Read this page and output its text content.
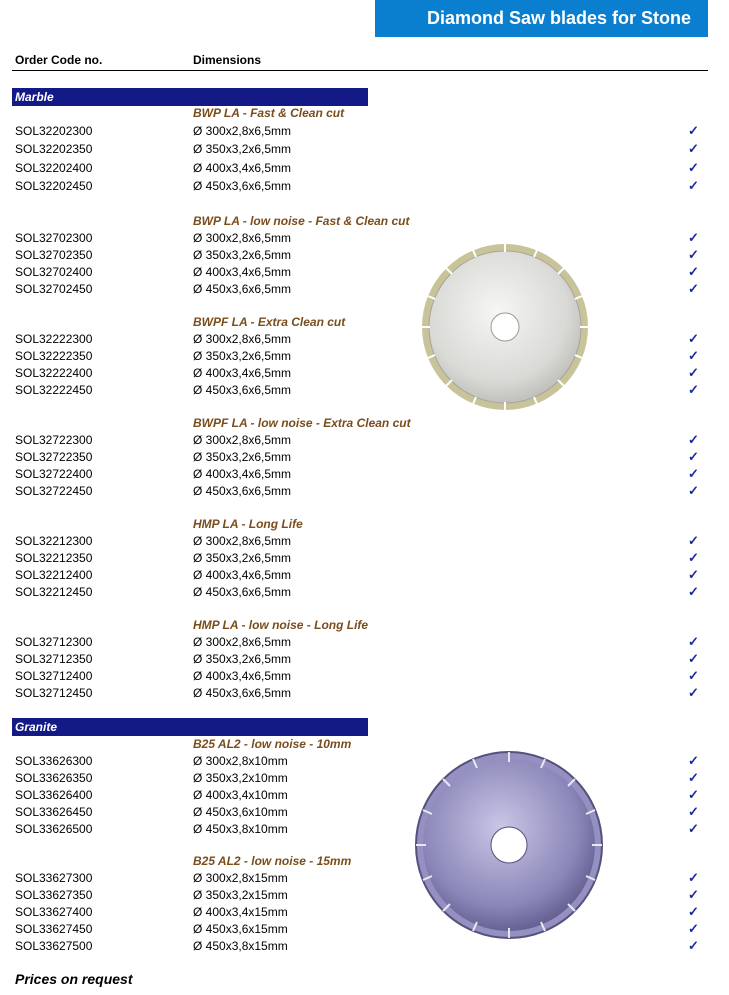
Diamond Saw blades for Stone
Order Code no.	Dimensions
Marble
BWP LA - Fast & Clean cut
SOL32202300	Ø 300x2,8x6,5mm	✓
SOL32202350	Ø 350x3,2x6,5mm	✓
SOL32202400	Ø 400x3,4x6,5mm	✓
SOL32202450	Ø 450x3,6x6,5mm	✓
BWP LA - low noise - Fast & Clean cut
SOL32702300	Ø 300x2,8x6,5mm	✓
SOL32702350	Ø 350x3,2x6,5mm	✓
SOL32702400	Ø 400x3,4x6,5mm	✓
SOL32702450	Ø 450x3,6x6,5mm	✓
BWPF LA - Extra Clean cut
SOL32222300	Ø 300x2,8x6,5mm	✓
SOL32222350	Ø 350x3,2x6,5mm	✓
SOL32222400	Ø 400x3,4x6,5mm	✓
SOL32222450	Ø 450x3,6x6,5mm	✓
BWPF LA - low noise - Extra Clean cut
SOL32722300	Ø 300x2,8x6,5mm	✓
SOL32722350	Ø 350x3,2x6,5mm	✓
SOL32722400	Ø 400x3,4x6,5mm	✓
SOL32722450	Ø 450x3,6x6,5mm	✓
HMP LA - Long Life
SOL32212300	Ø 300x2,8x6,5mm	✓
SOL32212350	Ø 350x3,2x6,5mm	✓
SOL32212400	Ø 400x3,4x6,5mm	✓
SOL32212450	Ø 450x3,6x6,5mm	✓
HMP LA - low noise - Long Life
SOL32712300	Ø 300x2,8x6,5mm	✓
SOL32712350	Ø 350x3,2x6,5mm	✓
SOL32712400	Ø 400x3,4x6,5mm	✓
SOL32712450	Ø 450x3,6x6,5mm	✓
Granite
B25 AL2 - low noise - 10mm
SOL33626300	Ø 300x2,8x10mm	✓
SOL33626350	Ø 350x3,2x10mm	✓
SOL33626400	Ø 400x3,4x10mm	✓
SOL33626450	Ø 450x3,6x10mm	✓
SOL33626500	Ø 450x3,8x10mm	✓
B25 AL2 - low noise - 15mm
SOL33627300	Ø 300x2,8x15mm	✓
SOL33627350	Ø 350x3,2x15mm	✓
SOL33627400	Ø 400x3,4x15mm	✓
SOL33627450	Ø 450x3,6x15mm	✓
SOL33627500	Ø 450x3,8x15mm	✓
Prices on request
